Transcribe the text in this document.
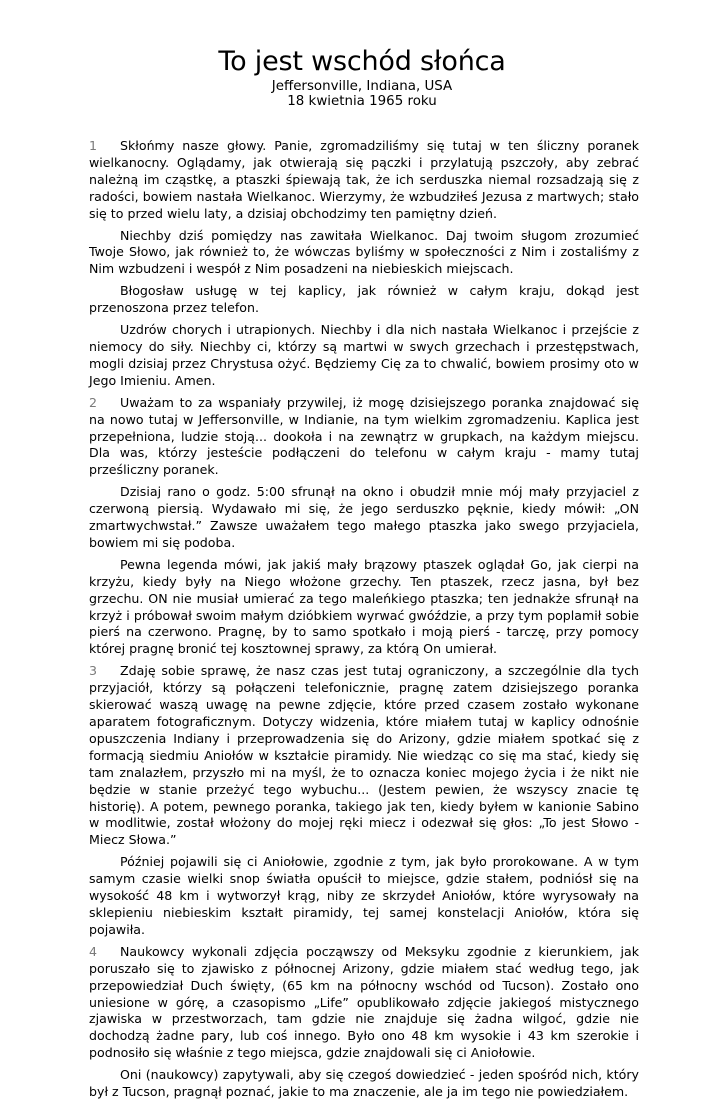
To jest wschód słońca
Jeffersonville, Indiana, USA
18 kwietnia 1965 roku

1 Skłońmy nasze głowy. Panie, zgromadziliśmy się tutaj w ten śliczny poranek wielkanocny. Oglądamy, jak otwierają się pączki i przylatują pszczoły, aby zebrać należną im cząstkę, a ptaszki śpiewają tak, że ich serduszka niemal rozsadzają się z radości, bowiem nastała Wielkanoc. Wierzymy, że wzbudziłeś Jezusa z martwych; stało się to przed wielu laty, a dzisiaj obchodzimy ten pamiętny dzień.

Niechby dziś pomiędzy nas zawitała Wielkanoc. Daj twoim sługom zrozumieć Twoje Słowo, jak również to, że wówczas byliśmy w społeczności z Nim i zostaliśmy z Nim wzbudzeni i wespół z Nim posadzeni na niebieskich miejscach.

Błogosław usługę w tej kaplicy, jak również w całym kraju, dokąd jest przenoszona przez telefon.

Uzdrów chorych i utrapionych. Niechby i dla nich nastała Wielkanoc i przejście z niemocy do siły. Niechby ci, którzy są martwi w swych grzechach i przestępstwach, mogli dzisiaj przez Chrystusa ożyć. Będziemy Cię za to chwalić, bowiem prosimy oto w Jego Imieniu. Amen.

2 Uważam to za wspaniały przywilej, iż mogę dzisiejszego poranka znajdować się na nowo tutaj w Jeffersonville, w Indianie, na tym wielkim zgromadzeniu. Kaplica jest przepełniona, ludzie stoją... dookoła i na zewnątrz w grupkach, na każdym miejscu. Dla was, którzy jesteście podłączeni do telefonu w całym kraju - mamy tutaj prześliczny poranek.

Dzisiaj rano o godz. 5:00 sfrunął na okno i obudził mnie mój mały przyjaciel z czerwoną piersią. Wydawało mi się, że jego serduszko pęknie, kiedy mówił: „ON zmartwychwstał.” Zawsze uważałem tego małego ptaszka jako swego przyjaciela, bowiem mi się podoba.

Pewna legenda mówi, jak jakiś mały brązowy ptaszek oglądał Go, jak cierpi na krzyżu, kiedy były na Niego włożone grzechy. Ten ptaszek, rzecz jasna, był bez grzechu. ON nie musiał umierać za tego maleńkiego ptaszka; ten jednakże sfrunął na krzyż i próbował swoim małym dzióbkiem wyrwać gwóździe, a przy tym poplamił sobie pierś na czerwono. Pragnę, by to samo spotkało i moją pierś - tarczę, przy pomocy której pragnę bronić tej kosztownej sprawy, za którą On umierał.

3 Zdaję sobie sprawę, że nasz czas jest tutaj ograniczony, a szczególnie dla tych przyjaciół, którzy są połączeni telefonicznie, pragnę zatem dzisiejszego poranka skierować waszą uwagę na pewne zdjęcie, które przed czasem zostało wykonane aparatem fotograficznym. Dotyczy widzenia, które miałem tutaj w kaplicy odnośnie opuszczenia Indiany i przeprowadzenia się do Arizony, gdzie miałem spotkać się z formacją siedmiu Aniołów w kształcie piramidy. Nie wiedząc co się ma stać, kiedy się tam znalazłem, przyszło mi na myśl, że to oznacza koniec mojego życia i że nikt nie będzie w stanie przeżyć tego wybuchu... (Jestem pewien, że wszyscy znacie tę historię). A potem, pewnego poranka, takiego jak ten, kiedy byłem w kanionie Sabino w modlitwie, został włożony do mojej ręki miecz i odezwał się głos: „To jest Słowo - Miecz Słowa.”

Później pojawili się ci Aniołowie, zgodnie z tym, jak było prorokowane. A w tym samym czasie wielki snop światła opuścił to miejsce, gdzie stałem, podniósł się na wysokość 48 km i wytworzył krąg, niby ze skrzydeł Aniołów, które wyrysowały na sklepieniu niebieskim kształt piramidy, tej samej konstelacji Aniołów, która się pojawiła.

4 Naukowcy wykonali zdjęcia począwszy od Meksyku zgodnie z kierunkiem, jak poruszało się to zjawisko z północnej Arizony, gdzie miałem stać według tego, jak przepowiedział Duch święty, (65 km na północny wschód od Tucson). Zostało ono uniesione w górę, a czasopismo „Life” opublikowało zdjęcie jakiegoś mistycznego zjawiska w przestworzach, tam gdzie nie znajduje się żadna wilgoć, gdzie nie dochodzą żadne pary, lub coś innego. Było ono 48 km wysokie i 43 km szerokie i podnosiło się właśnie z tego miejsca, gdzie znajdowali się ci Aniołowie.

Oni (naukowcy) zapytywali, aby się czegoś dowiedzieć - jeden spośród nich, który był z Tucson, pragnął poznać, jakie to ma znaczenie, ale ja im tego nie powiedziałem.
